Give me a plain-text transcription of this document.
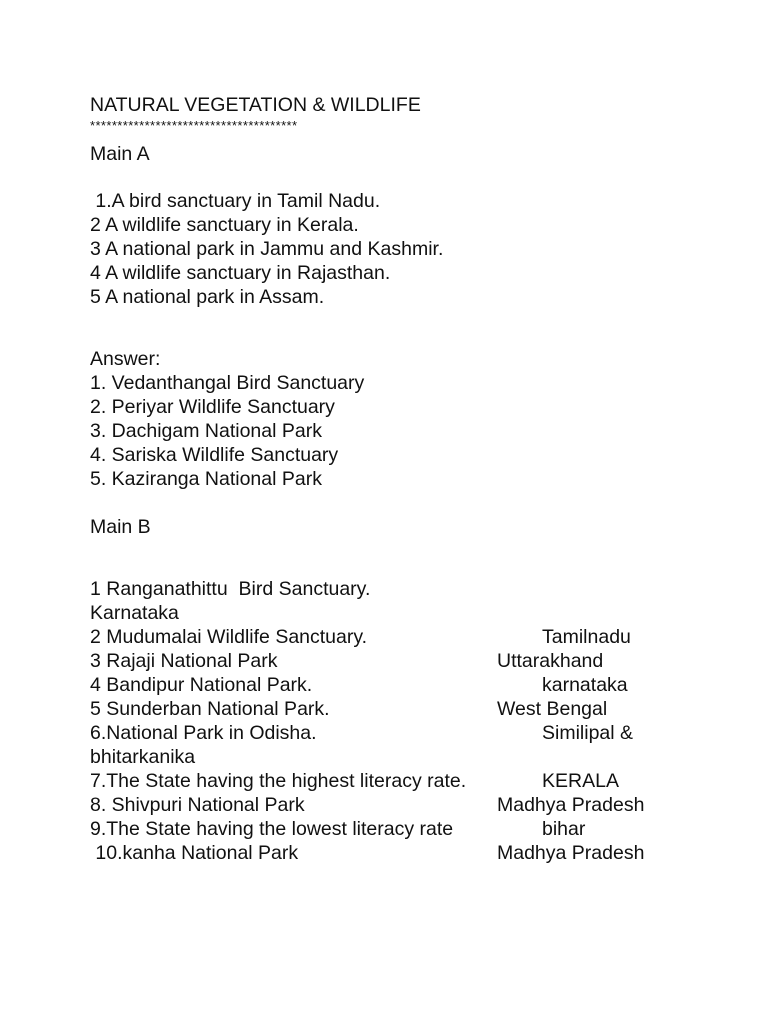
NATURAL VEGETATION & WILDLIFE
**************************************
Main A
1.A bird sanctuary in Tamil Nadu.
2 A wildlife sanctuary in Kerala.
3 A national park in Jammu and Kashmir.
4 A wildlife sanctuary in Rajasthan.
5 A national park in Assam.
Answer:
1. Vedanthangal Bird Sanctuary
2. Periyar Wildlife Sanctuary
3. Dachigam National Park
4. Sariska Wildlife Sanctuary
5. Kaziranga National Park
Main B
1 Ranganathittu  Bird Sanctuary.
Karnataka
2 Mudumalai Wildlife Sanctuary.	Tamilnadu
3 Rajaji National Park	Uttarakhand
4 Bandipur National Park.	karnataka
5 Sunderban National Park.	West Bengal
6.National Park in Odisha.	Similipal &
bhitarkanika
7.The State having the highest literacy rate.	KERALA
8. Shivpuri National Park	Madhya Pradesh
9.The State having the lowest literacy rate	bihar
10.kanha National Park	Madhya Pradesh
